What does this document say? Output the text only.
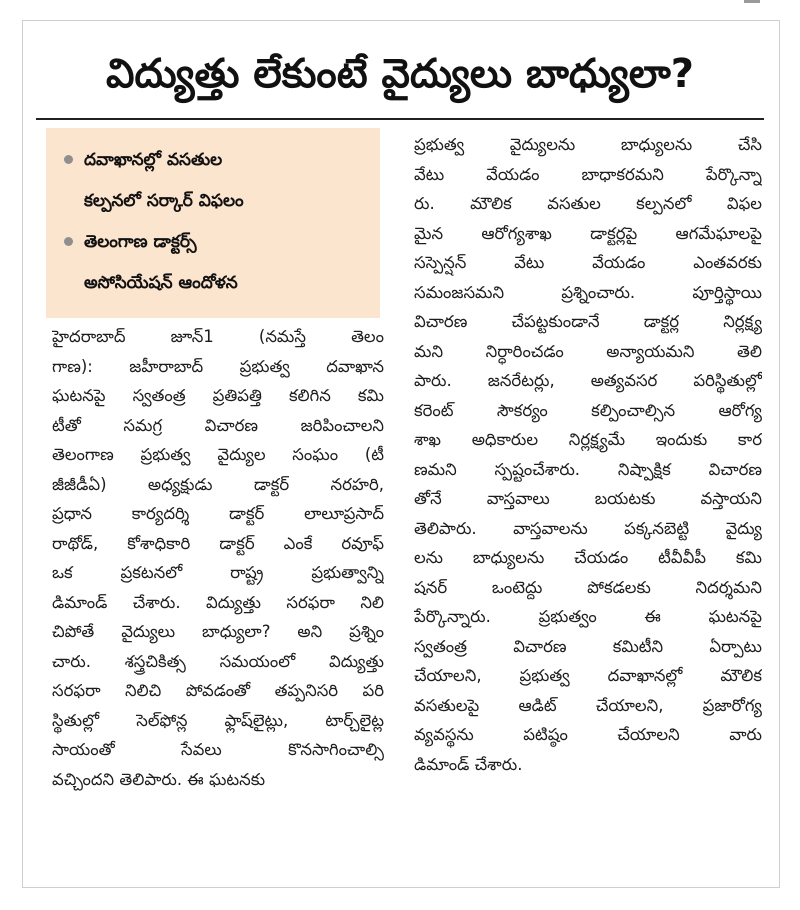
విద్యుత్తు లేకుంటే వైద్యులు బాధ్యులా?
దవాఖానల్లో వసతుల
కల్పనలో సర్కార్ విఫలం
తెలంగాణ డాక్టర్స్
అసోసియేషన్ ఆందోళన
హైదరాబాద్ జూన్1 (నమస్తే తెలం
గాణ): జహీరాబాద్ ప్రభుత్వ దవాఖాన
ఘటనపై స్వతంత్ర ప్రతిపత్తి కలిగిన కమి
టీతో సమగ్ర విచారణ జరిపించాలని
తెలంగాణ ప్రభుత్వ వైద్యుల సంఘం (టీ
జీజీడీఏ) అధ్యక్షుడు డాక్టర్ నరహరి,
ప్రధాన కార్యదర్శి డాక్టర్ లాలూప్రసాద్
రాథోడ్, కోశాధికారి డాక్టర్ ఎంకే రవూఫ్
ఒక ప్రకటనలో రాష్ట్ర ప్రభుత్వాన్ని
డిమాండ్ చేశారు. విద్యుత్తు సరఫరా నిలి
చిపోతే వైద్యులు బాధ్యులా? అని ప్రశ్నిం
చారు. శస్త్రచికిత్స సమయంలో విద్యుత్తు
సరఫరా నిలిచి పోవడంతో తప్పనిసరి పరి
స్థితుల్లో సెల్‌ఫోన్ల ఫ్లాష్‌లైట్లు, టార్చ్‌లైట్ల
సాయంతో సేవలు కొనసాగించాల్సి
వచ్చిందని తెలిపారు. ఈ ఘటనకు
ప్రభుత్వ వైద్యులను బాధ్యులను చేసి
వేటు వేయడం బాధాకరమని పేర్కొన్నా
రు. మౌలిక వసతుల కల్పనలో విఫల
మైన ఆరోగ్యశాఖ డాక్టర్లపై ఆగమేఘాలపై
సస్పెన్షన్ వేటు వేయడం ఎంతవరకు
సమంజసమని ప్రశ్నించారు. పూర్తిస్థాయి
విచారణ చేపట్టకుండానే డాక్టర్ల నిర్లక్ష్య
మని నిర్ధారించడం అన్యాయమని తెలి
పారు. జనరేటర్లు, అత్యవసర పరిస్థితుల్లో
కరెంట్ సౌకర్యం కల్పించాల్సిన ఆరోగ్య
శాఖ అధికారుల నిర్లక్ష్యమే ఇందుకు కార
ణమని స్పష్టంచేశారు. నిష్పాక్షిక విచారణ
తోనే వాస్తవాలు బయటకు వస్తాయని
తెలిపారు. వాస్తవాలను పక్కనబెట్టి వైద్యు
లను బాధ్యులను చేయడం టీవీవీపీ కమి
షనర్ ఒంటెద్దు పోకడలకు నిదర్శమని
పేర్కొన్నారు. ప్రభుత్వం ఈ ఘటనపై
స్వతంత్ర విచారణ కమిటీని ఏర్పాటు
చేయాలని, ప్రభుత్వ దవాఖానల్లో మౌలిక
వసతులపై ఆడిట్ చేయాలని, ప్రజారోగ్య
వ్యవస్థను పటిష్ఠం చేయాలని వారు
డిమాండ్ చేశారు.
